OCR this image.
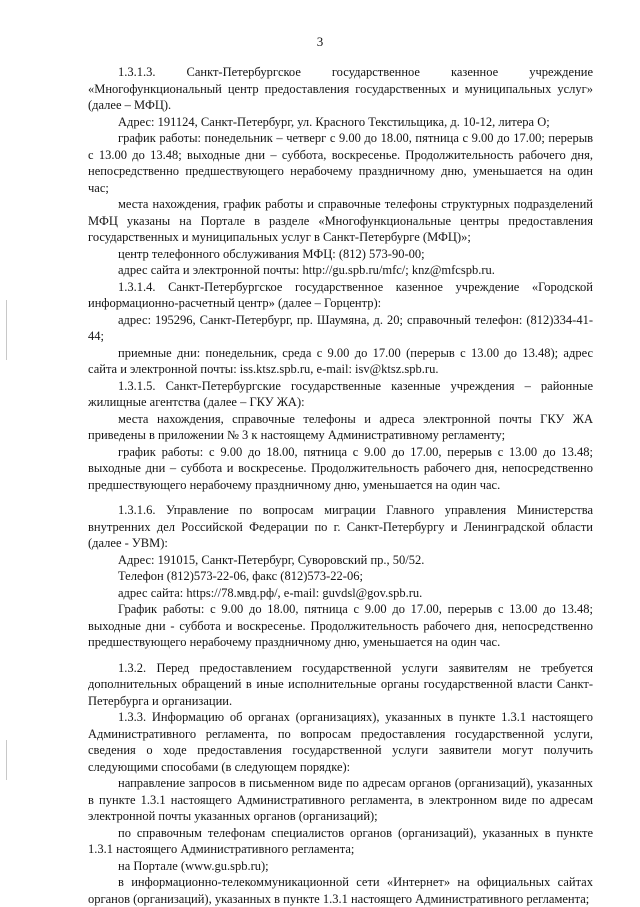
3

1.3.1.3. Санкт-Петербургское государственное казенное учреждение «Многофункциональный центр предоставления государственных и муниципальных услуг» (далее – МФЦ).

Адрес: 191124, Санкт-Петербург, ул. Красного Текстильщика, д. 10-12, литера О;

график работы: понедельник – четверг с 9.00 до 18.00, пятница с 9.00 до 17.00; перерыв с 13.00 до 13.48; выходные дни – суббота, воскресенье. Продолжительность рабочего дня, непосредственно предшествующего нерабочему праздничному дню, уменьшается на один час;

места нахождения, график работы и справочные телефоны структурных подразделений МФЦ указаны на Портале в разделе «Многофункциональные центры предоставления государственных и муниципальных услуг в Санкт-Петербурге (МФЦ)»;

центр телефонного обслуживания МФЦ: (812) 573-90-00;

адрес сайта и электронной почты: http://gu.spb.ru/mfc/; knz@mfcspb.ru.

1.3.1.4. Санкт-Петербургское государственное казенное учреждение «Городской информационно-расчетный центр» (далее – Горцентр):

адрес: 195296, Санкт-Петербург, пр. Шаумяна, д. 20; справочный телефон: (812)334-41-44;

приемные дни: понедельник, среда с 9.00 до 17.00 (перерыв с 13.00 до 13.48); адрес сайта и электронной почты: iss.ktsz.spb.ru, e-mail: isv@ktsz.spb.ru.

1.3.1.5. Санкт-Петербургские государственные казенные учреждения – районные жилищные агентства (далее – ГКУ ЖА):

места нахождения, справочные телефоны и адреса электронной почты ГКУ ЖА приведены в приложении № 3 к настоящему Административному регламенту;

график работы: с 9.00 до 18.00, пятница с 9.00 до 17.00, перерыв с 13.00 до 13.48; выходные дни – суббота и воскресенье. Продолжительность рабочего дня, непосредственно предшествующего нерабочему праздничному дню, уменьшается на один час.

1.3.1.6. Управление по вопросам миграции Главного управления Министерства внутренних дел Российской Федерации по г. Санкт-Петербургу и Ленинградской области (далее - УВМ):

Адрес: 191015, Санкт-Петербург, Суворовский пр., 50/52.

Телефон (812)573-22-06, факс (812)573-22-06;

адрес сайта: https://78.мвд.рф/, e-mail: guvdsl@gov.spb.ru.

График работы: с 9.00 до 18.00, пятница с 9.00 до 17.00, перерыв с 13.00 до 13.48; выходные дни - суббота и воскресенье. Продолжительность рабочего дня, непосредственно предшествующего нерабочему праздничному дню, уменьшается на один час.

1.3.2. Перед предоставлением государственной услуги заявителям не требуется дополнительных обращений в иные исполнительные органы государственной власти Санкт-Петербурга и организации.

1.3.3. Информацию об органах (организациях), указанных в пункте 1.3.1 настоящего Административного регламента, по вопросам предоставления государственной услуги, сведения о ходе предоставления государственной услуги заявители могут получить следующими способами (в следующем порядке):

направление запросов в письменном виде по адресам органов (организаций), указанных в пункте 1.3.1 настоящего Административного регламента, в электронном виде по адресам электронной почты указанных органов (организаций);

по справочным телефонам специалистов органов (организаций), указанных в пункте 1.3.1 настоящего Административного регламента;

на Портале (www.gu.spb.ru);

в информационно-телекоммуникационной сети «Интернет» на официальных сайтах органов (организаций), указанных в пункте 1.3.1 настоящего Административного регламента;
